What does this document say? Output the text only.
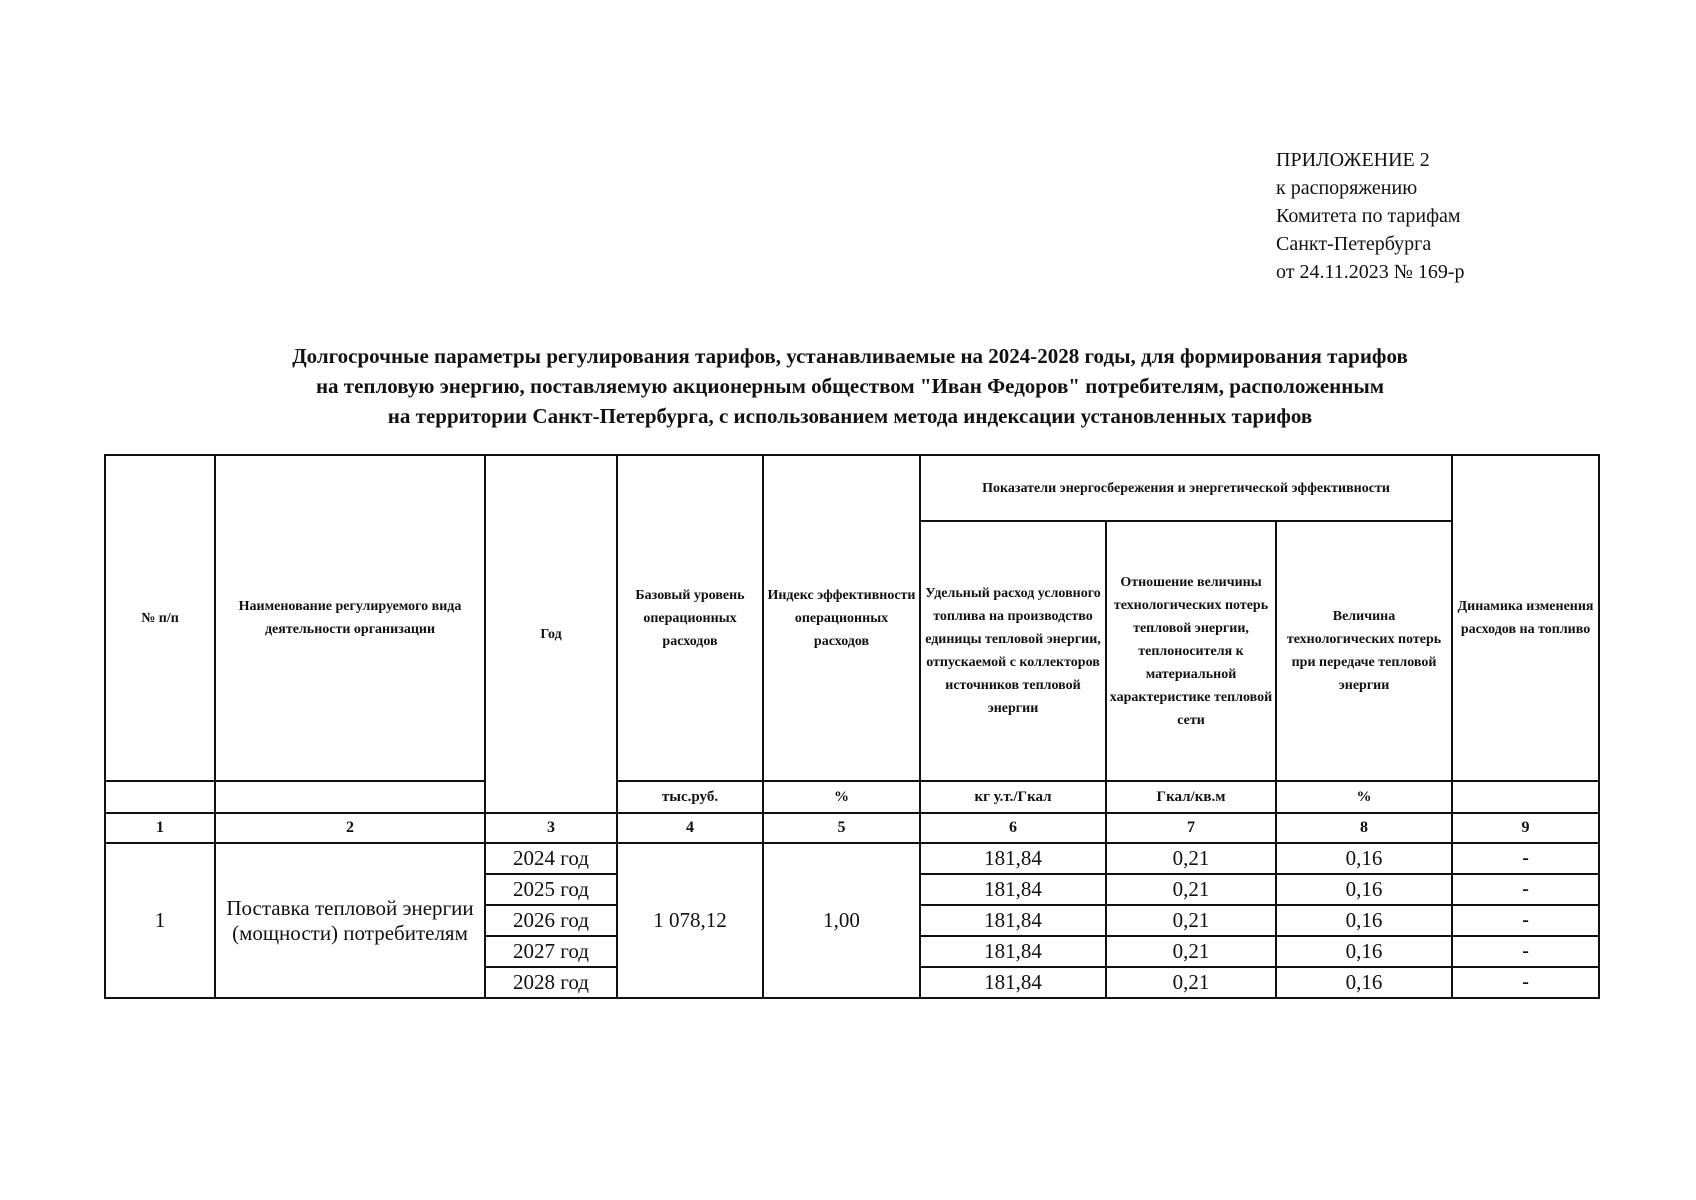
ПРИЛОЖЕНИЕ 2
к распоряжению
Комитета по тарифам
Санкт-Петербурга
от 24.11.2023 № 169-р
Долгосрочные параметры регулирования тарифов, устанавливаемые на 2024-2028 годы, для формирования тарифов
на тепловую энергию, поставляемую акционерным обществом "Иван Федоров" потребителям, расположенным
на территории Санкт-Петербурга, с использованием метода индексации установленных тарифов
№ п/п	Наименование регулируемого вида деятельности организации	Год	Базовый уровень операционных расходов	Индекс эффективности операционных расходов	Показатели энергосбережения и энергетической эффективности			Динамика изменения расходов на топливо
					Удельный расход условного топлива на производство единицы тепловой энергии, отпускаемой с коллекторов источников тепловой энергии	Отношение величины технологических потерь тепловой энергии, теплоносителя к материальной характеристике тепловой сети	Величина технологических потерь при передаче тепловой энергии	
			тыс.руб.	%	кг у.т./Гкал	Гкал/кв.м	%	
1	2	3	4	5	6	7	8	9
1	Поставка тепловой энергии (мощности) потребителям	2024 год	1 078,12	1,00	181,84	0,21	0,16	-
		2025 год			181,84	0,21	0,16	-
		2026 год			181,84	0,21	0,16	-
		2027 год			181,84	0,21	0,16	-
		2028 год			181,84	0,21	0,16	-
